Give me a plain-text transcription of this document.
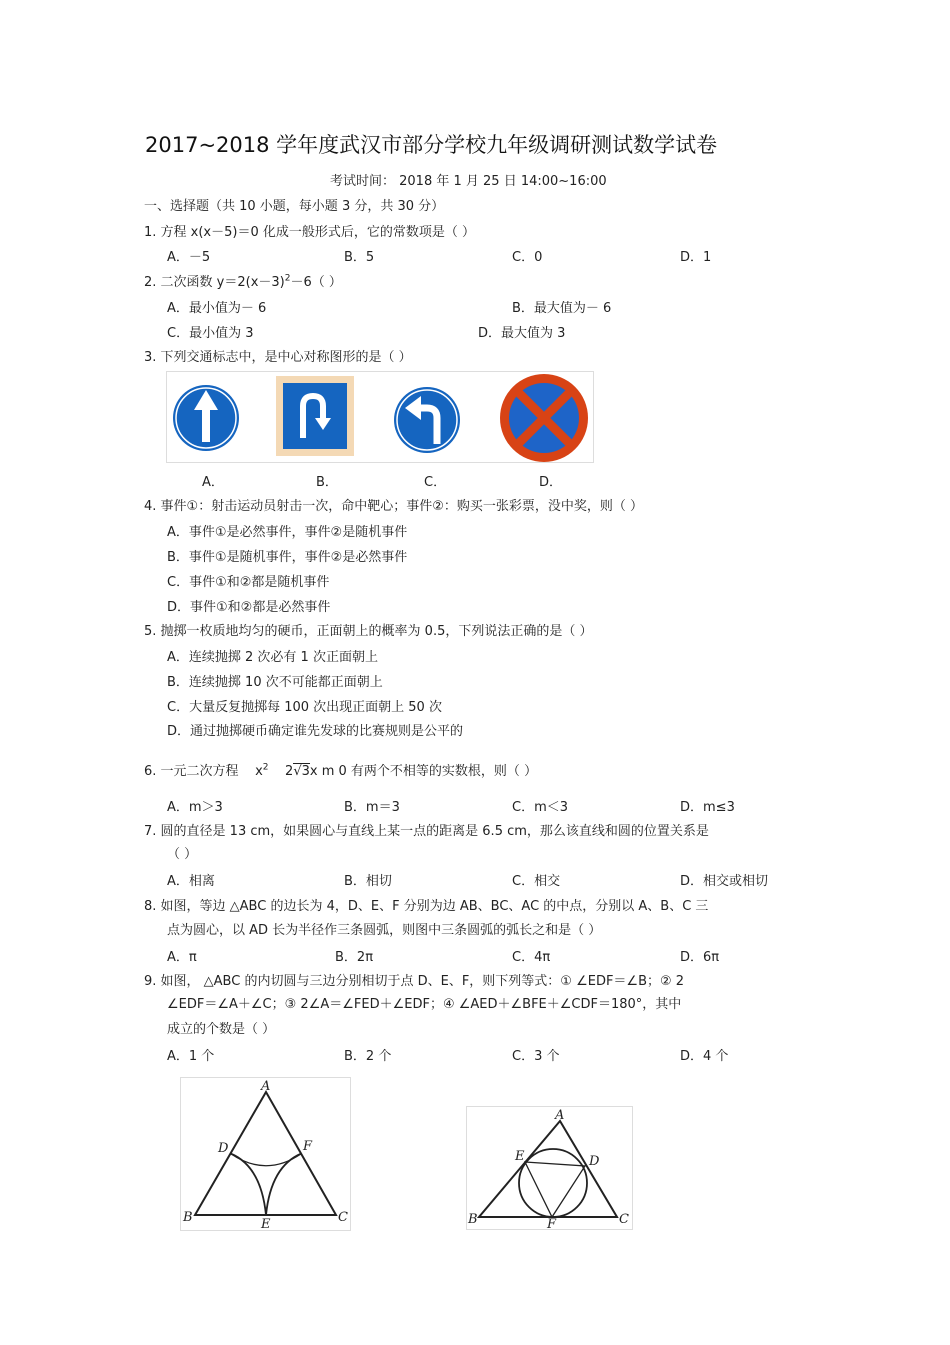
2017~2018 学年度武汉市部分学校九年级调研测试数学试卷
考试时间： 2018 年 1 月 25 日 14:00~16:00
一、选择题（共 10 小题，每小题 3 分，共 30 分）
1. 方程 x(x－5)＝0 化成一般形式后，它的常数项是（ ）
A．－5	B．5	C．0	D．1
2. 二次函数 $y=2(x-3)^2-6$（ ）
A．最小值为－ 6	B．最大值为－ 6
C．最小值为 3	D．最大值为 3
3. 下列交通标志中，是中心对称图形的是（ ）
A．	B．	C．	D．
4. 事件①：射击运动员射击一次，命中靶心；事件②：购买一张彩票，没中奖，则（ ）
A．事件①是必然事件，事件②是随机事件
B．事件①是随机事件，事件②是必然事件
C．事件①和②都是随机事件
D．事件①和②都是必然事件
5. 抛掷一枚质地均匀的硬币，正面朝上的概率为 0.5，下列说法正确的是（ ）
A．连续抛掷 2 次必有 1 次正面朝上
B．连续抛掷 10 次不可能都正面朝上
C．大量反复抛掷每 100 次出现正面朝上 50 次
D．通过抛掷硬币确定谁先发球的比赛规则是公平的
6. 一元二次方程 $x^2$ 2√3x m 0 有两个不相等的实数根，则（ ）
A．m＞3	B．m＝3	C．m＜3	D．m≤3
7. 圆的直径是 13 cm，如果圆心与直线上某一点的距离是 6.5 cm，那么该直线和圆的位置关系是
（ ）
A．相离	B．相切	C．相交	D．相交或相切
8. 如图，等边 △ABC 的边长为 4，D、E、F 分别为边 AB、BC、AC 的中点，分别以 A、B、C 三
点为圆心，以 AD 长为半径作三条圆弧，则图中三条圆弧的弧长之和是（ ）
A．π	B．2π	C．4π	D．6π
9. 如图， △ABC 的内切圆与三边分别相切于点 D、E、F，则下列等式：① ∠EDF＝∠B；② 2
∠EDF＝∠A＋∠C；③ 2∠A＝∠FED＋∠EDF；④ ∠AED＋∠BFE＋∠CDF＝180°，其中
成立的个数是（ ）
A．1 个	B．2 个	C．3 个	D．4 个
A
B	C
D
E
F
A
B	C
D
E
F
